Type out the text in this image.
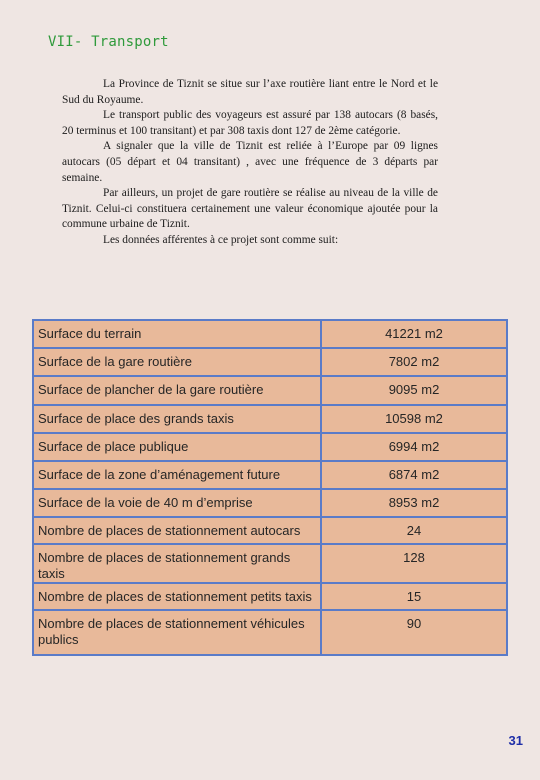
VII- Transport

La Province de Tiznit se situe sur l’axe routière liant entre le Nord et le Sud du Royaume.

Le transport public des voyageurs est assuré par 138 autocars (8 basés, 20 terminus et 100 transitant) et par 308 taxis dont 127 de 2ème catégorie.

A signaler que la ville de Tiznit est reliée à l’Europe par 09 lignes autocars (05 départ et 04 transitant) , avec une fréquence de 3 départs par semaine.

Par ailleurs, un projet de gare routière se réalise au niveau de la ville de Tiznit. Celui-ci constituera certainement une valeur économique ajoutée pour la commune urbaine de Tiznit.

Les données afférentes à ce projet sont comme suit:

Surface du terrain	41221 m2
Surface de la gare routière	7802 m2
Surface de plancher de la gare routière	9095 m2
Surface de place des grands taxis	10598 m2
Surface de place publique	6994 m2
Surface de la zone d’aménagement future	6874 m2
Surface de la voie de 40 m d’emprise	8953 m2
Nombre de places de stationnement autocars	24
Nombre de places de stationnement grands taxis	128
Nombre de places de stationnement petits taxis	15
Nombre de places de stationnement véhicules publics	90
31
